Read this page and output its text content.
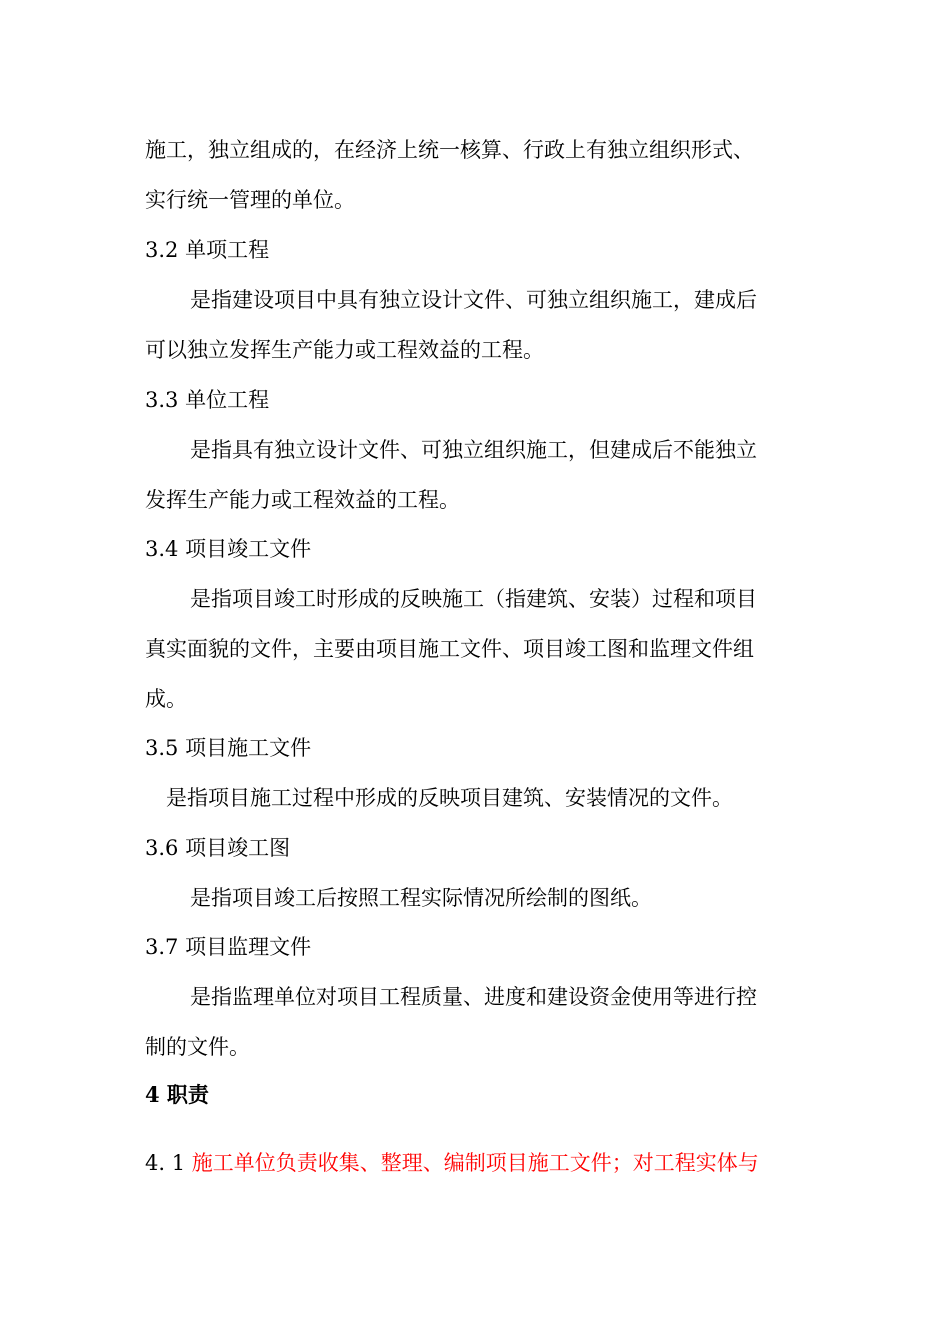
施工，独立组成的，在经济上统一核算、行政上有独立组织形式、
实行统一管理的单位。
3.2 单项工程
是指建设项目中具有独立设计文件、可独立组织施工，建成后
可以独立发挥生产能力或工程效益的工程。
3.3 单位工程
是指具有独立设计文件、可独立组织施工，但建成后不能独立
发挥生产能力或工程效益的工程。
3.4 项目竣工文件
是指项目竣工时形成的反映施工（指建筑、安装）过程和项目
真实面貌的文件，主要由项目施工文件、项目竣工图和监理文件组
成。
3.5 项目施工文件
是指项目施工过程中形成的反映项目建筑、安装情况的文件。
3.6 项目竣工图
是指项目竣工后按照工程实际情况所绘制的图纸。
3.7 项目监理文件
是指监理单位对项目工程质量、进度和建设资金使用等进行控
制的文件。
4 职责
4. 1 施工单位负责收集、整理、编制项目施工文件；对工程实体与
